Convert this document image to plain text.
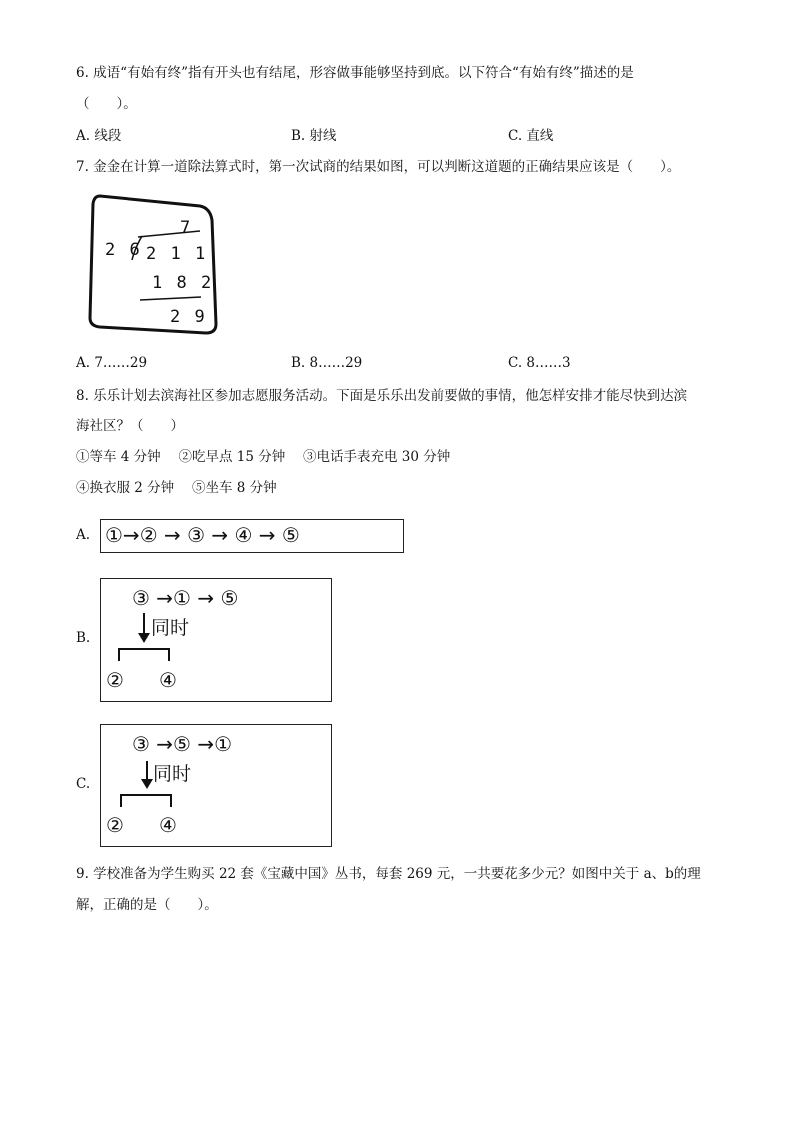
6. 成语“有始有终”指有开头也有结尾，形容做事能够坚持到底。以下符合“有始有终”描述的是
（　　）。
A. 线段	B. 射线	C. 直线
7. 金金在计算一道除法算式时，第一次试商的结果如图，可以判断这道题的正确结果应该是（　　）。
7
2 6 2 1 1
1 8 2
2 9
A. 7……29	B. 8……29	C. 8……3
8. 乐乐计划去滨海社区参加志愿服务活动。下面是乐乐出发前要做的事情，他怎样安排才能尽快到达滨
海社区？（　　）
①等车 4 分钟　 ②吃早点 15 分钟　 ③电话手表充电 30 分钟
④换衣服 2 分钟　 ⑤坐车 8 分钟
A. ①→② → ③ → ④ → ⑤
B.
③ →① → ⑤
同时
② ④
C.
③ →⑤ →①
同时
② ④
9. 学校准备为学生购买 22 套《宝藏中国》丛书，每套 269 元，一共要花多少元？如图中关于 a、b的理
解，正确的是（　　）。
